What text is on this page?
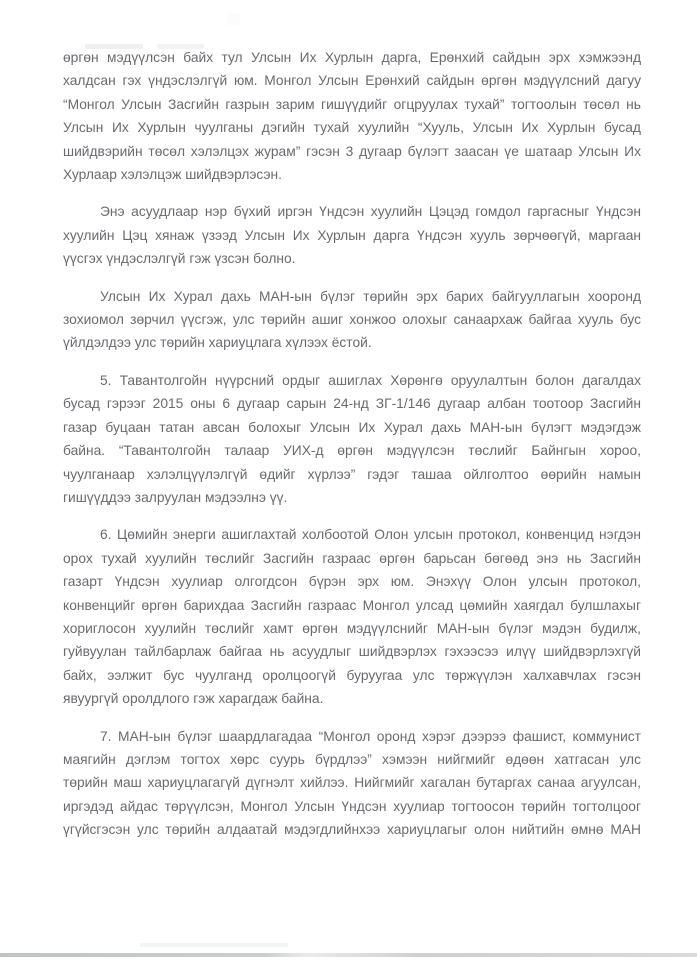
өргөн мэдүүлсэн байх тул Улсын Их Хурлын дарга, Ерөнхий сайдын эрх хэмжээнд
халдсан гэх үндэслэлгүй юм. Монгол Улсын Ерөнхий сайдын өргөн мэдүүлсний дагуу
“Монгол Улсын Засгийн газрын зарим гишүүдийг огцруулах тухай” тогтоолын төсөл нь
Улсын Их Хурлын чуулганы дэгийн тухай хуулийн “Хууль, Улсын Их Хурлын бусад
шийдвэрийн төсөл хэлэлцэх журам” гэсэн 3 дугаар бүлэгт заасан үе шатаар Улсын Их
Хурлаар хэлэлцэж шийдвэрлэсэн.
Энэ асуудлаар нэр бүхий иргэн Үндсэн хуулийн Цэцэд гомдол гаргасныг Үндсэн
хуулийн Цэц хянаж үзээд Улсын Их Хурлын дарга Үндсэн хууль зөрчөөгүй, маргаан
үүсгэх үндэслэлгүй гэж үзсэн болно.
Улсын Их Хурал дахь МАН-ын бүлэг төрийн эрх барих байгууллагын хооронд
зохиомол зөрчил үүсгэж, улс төрийн ашиг хонжоо олохыг санаархаж байгаа хууль бус
үйлдэлдээ улс төрийн хариуцлага хүлээх ёстой.
5. Тавантолгойн нүүрсний ордыг ашиглах Хөрөнгө оруулалтын болон дагалдах
бусад гэрээг 2015 оны 6 дугаар сарын 24-нд ЗГ-1/146 дугаар албан тоотоор Засгийн
газар буцаан татан авсан болохыг Улсын Их Хурал дахь МАН-ын бүлэгт мэдэгдэж
байна. “Тавантолгойн талаар УИХ-д өргөн мэдүүлсэн төслийг Байнгын хороо,
чуулганаар хэлэлцүүлэлгүй өдийг хүрлээ” гэдэг ташаа ойлголтоо өөрийн намын
гишүүддээ залруулан мэдээлнэ үү.
6. Цөмийн энерги ашиглахтай холбоотой Олон улсын протокол, конвенцид нэгдэн
орох тухай хуулийн төслийг Засгийн газраас өргөн барьсан бөгөөд энэ нь Засгийн
газарт Үндсэн хуулиар олгогдсон бүрэн эрх юм. Энэхүү Олон улсын протокол,
конвенцийг өргөн барихдаа Засгийн газраас Монгол улсад цөмийн хаягдал булшлахыг
хориглосон хуулийн төслийг хамт өргөн мэдүүлснийг МАН-ын бүлэг мэдэн будилж,
гуйвуулан тайлбарлаж байгаа нь асуудлыг шийдвэрлэх гэхээсээ илүү шийдвэрлэхгүй
байх, ээлжит бус чуулганд оролцоогүй буруугаа улс төржүүлэн халхавчлах гэсэн
явуургүй оролдлого гэж харагдаж байна.
7. МАН-ын бүлэг шаардлагадаа “Монгол оронд хэрэг дээрээ фашист, коммунист
маягийн дэглэм тогтох хөрс суурь бүрдлээ” хэмээн нийгмийг өдөөн хатгасан улс
төрийн маш хариуцлагагүй дүгнэлт хийлээ. Нийгмийг хагалан бутаргах санаа агуулсан,
иргэдэд айдас төрүүлсэн, Монгол Улсын Үндсэн хуулиар тогтоосон төрийн тогтолцоог
үгүйсгэсэн улс төрийн алдаатай мэдэгдлийнхээ хариуцлагыг олон нийтийн өмнө МАН
